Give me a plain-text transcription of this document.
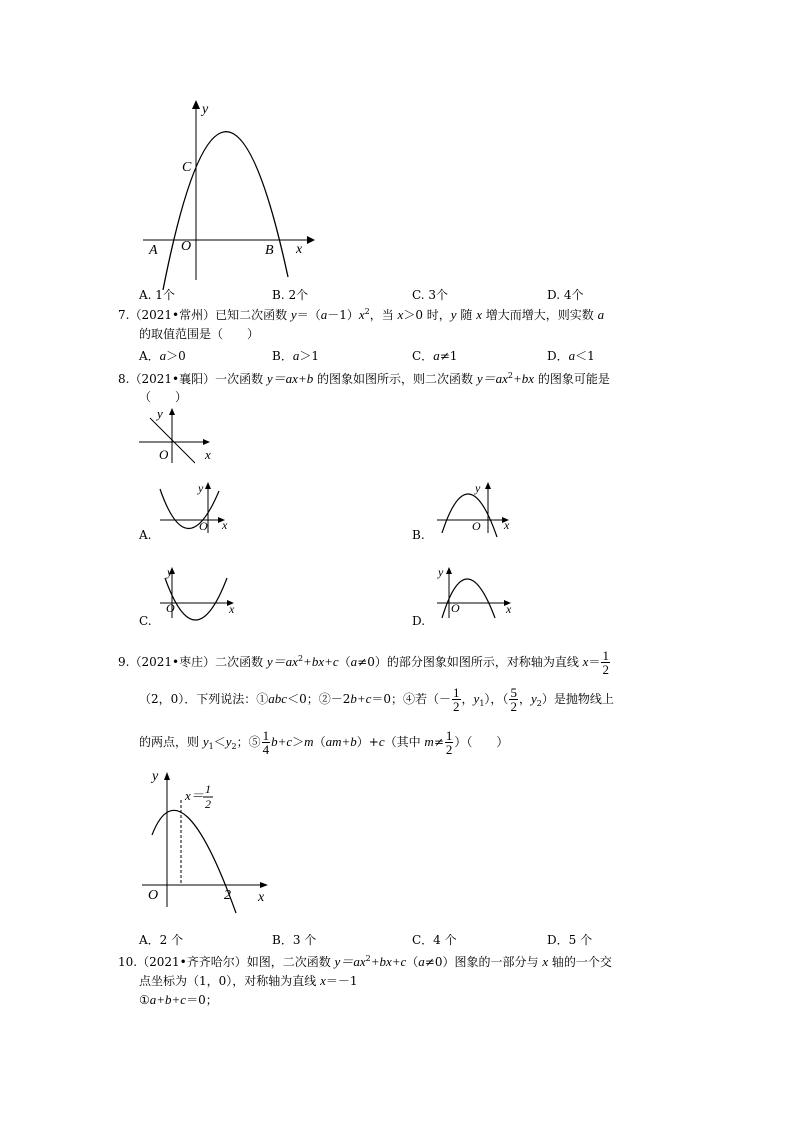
y
C
A O	B x
A. 1个	B. 2个	C. 3个	D. 4个
7.（2021•常州）已知二次函数 $y=(a-1)x^2$，当 x＞0 时，y 随 x 增大而增大，则实数 a
的取值范围是（　　）
A．a＞0	B．a＞1	C．a≠1	D．a＜1
8.（2021•襄阳）一次函数 y＝ax+b 的图象如图所示，则二次函数 $y=ax^2+bx$ 的图象可能是
（　　）
y
O	x
y
O x
A.
y
O x
B.
y
O	x
C.
y
O	x
D.
9.（2021•枣庄）二次函数 $y=ax^2+bx+c(a\ne 0)$的部分图象如图所示，对称轴为直线 $x= \frac{1}{2}$
（2，0）．下列说法：①abc＜0；②－2b+c＝0；④若（－ $\frac{1}{2}$ ，$y_1$），（ $\frac{5}{2}$ ，$y_2$）是抛物线上
的两点，则 $y_1<y_2$；⑤ $\frac{1}{4} b+c>m(am+b)+c$（其中 $m\ne \frac{1}{2}$ ）（　　）
y
O	2 x
x＝ 1
2
A．2 个	B．3 个	C．4 个	D．5 个
10.（2021•齐齐哈尔）如图，二次函数 $y=ax^2+bx+c(a\ne 0)$图象的一部分与 x 轴的一个交
点坐标为（1，0），对称轴为直线 x＝－1
①a+b+c＝0；
